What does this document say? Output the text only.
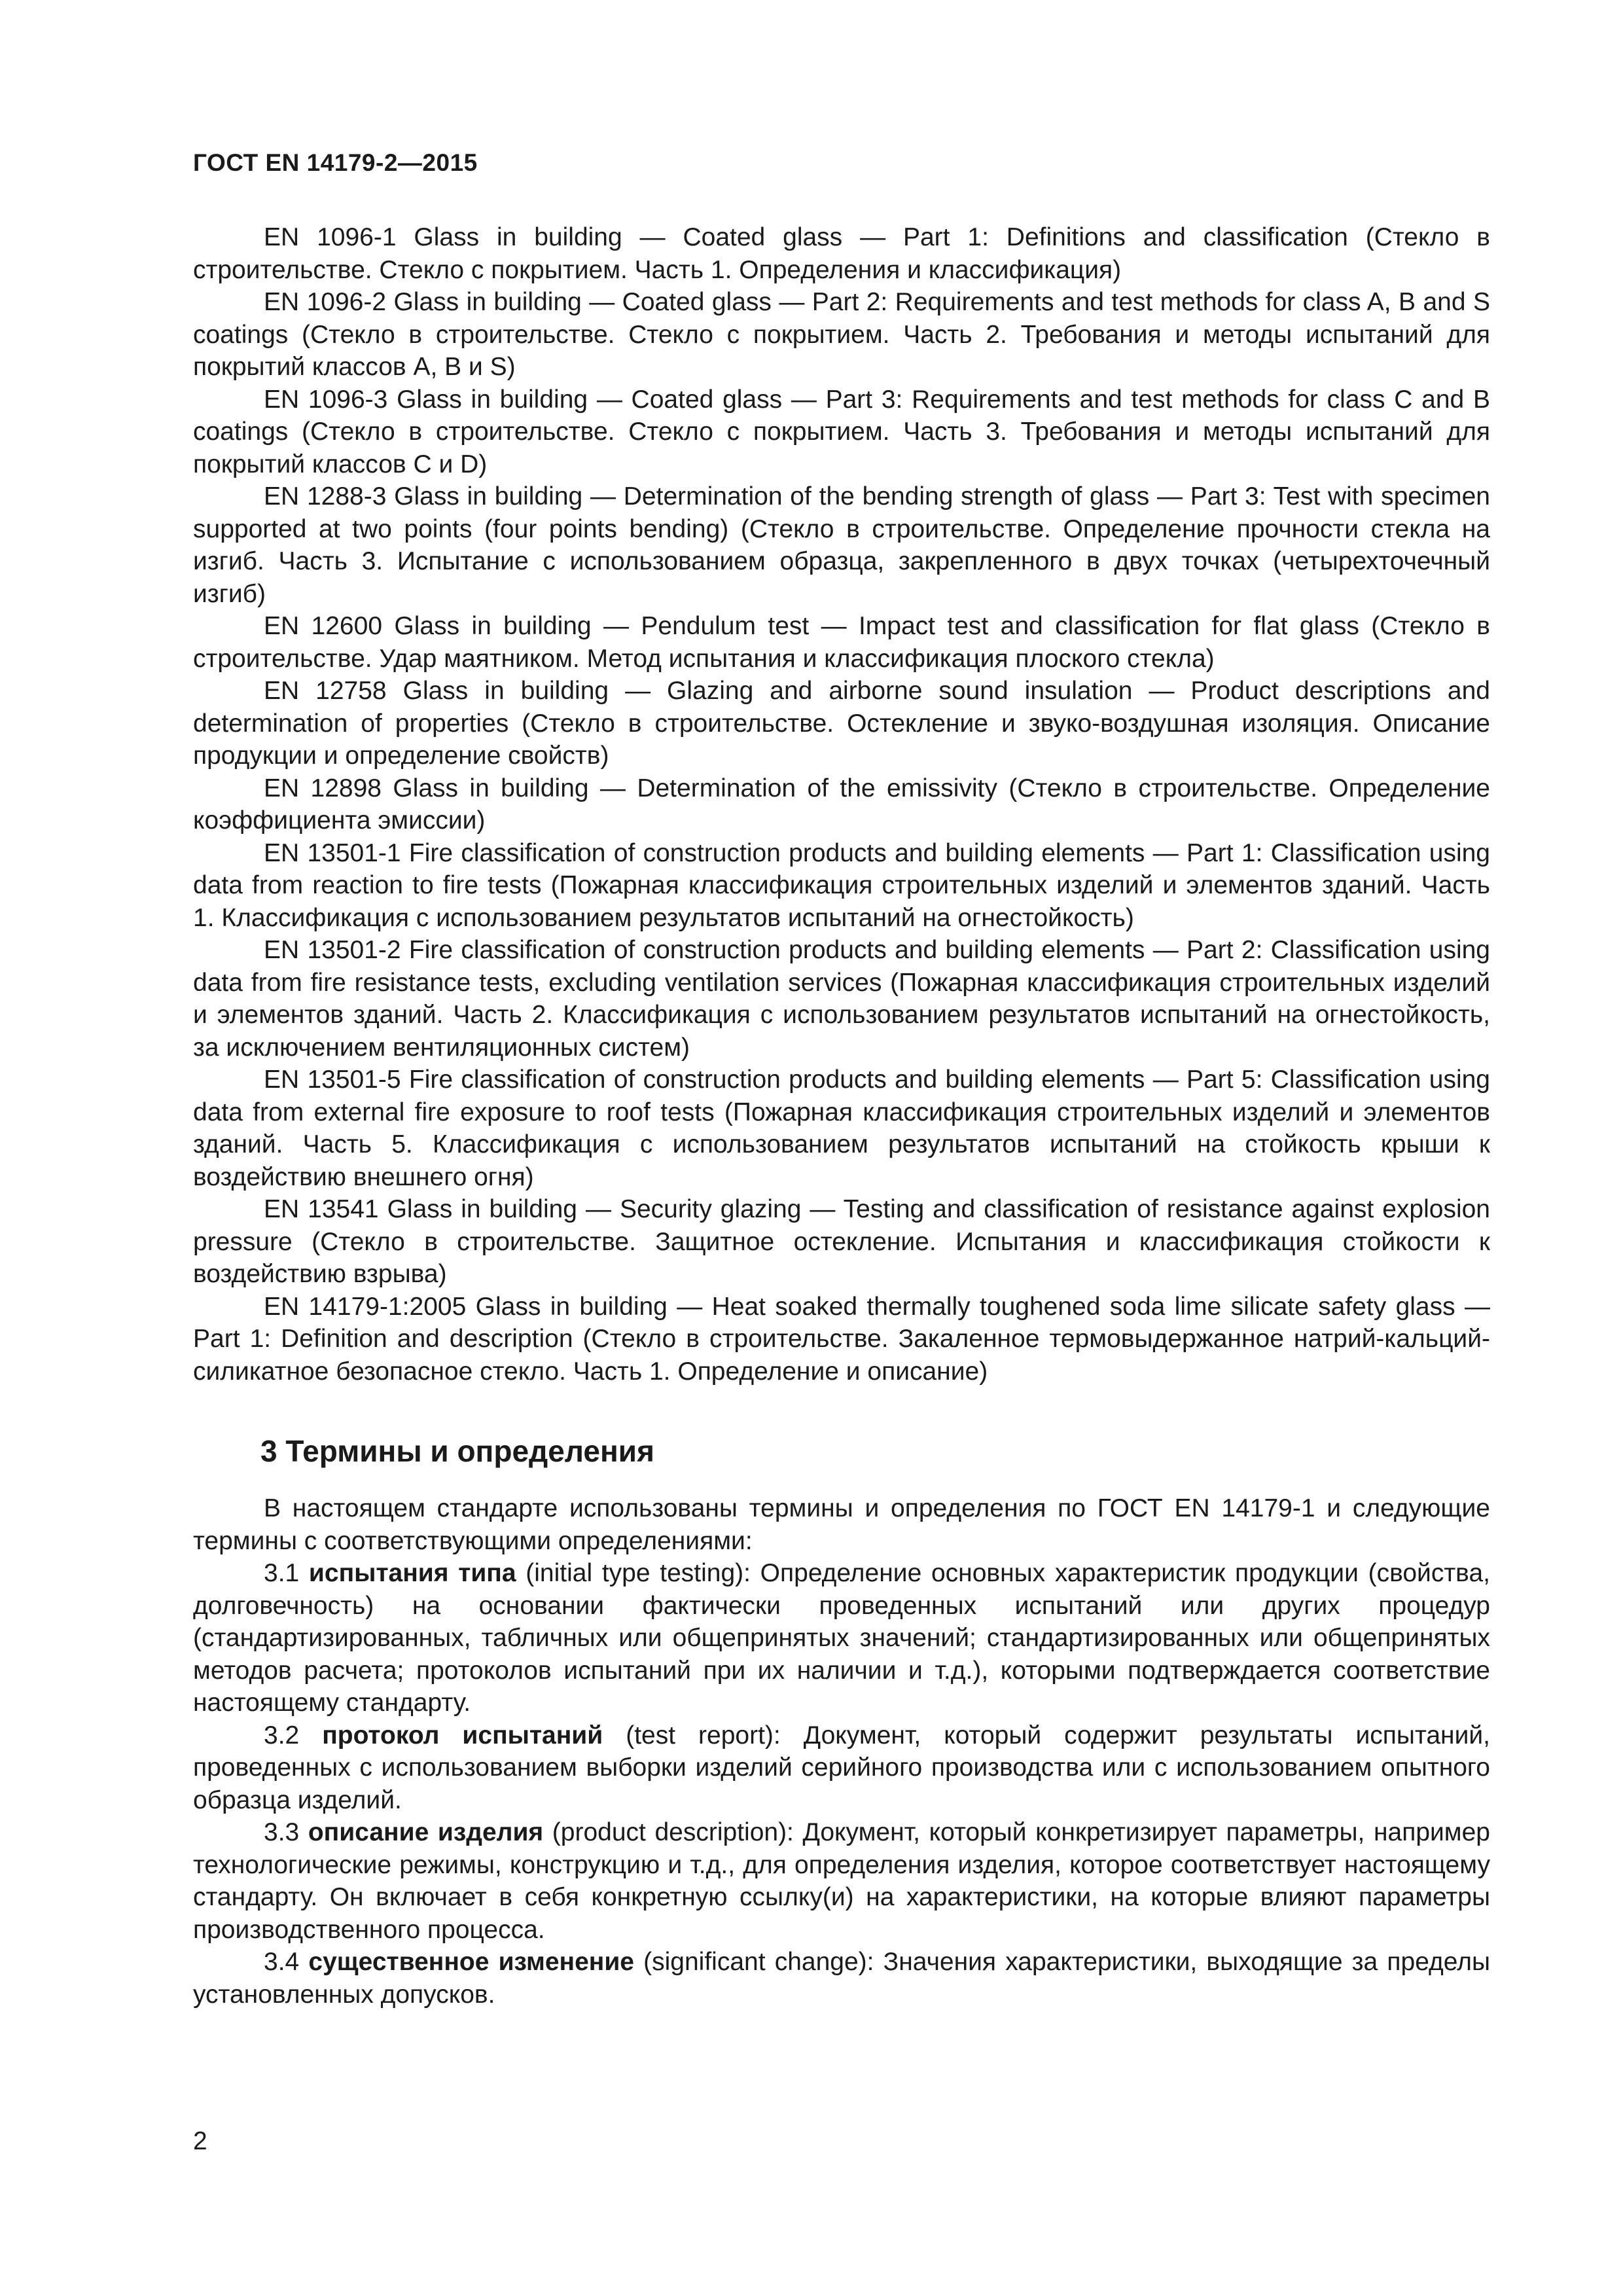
ГОСТ EN 14179-2—2015

EN 1096-1 Glass in building — Coated glass — Part 1: Definitions and classification (Стекло в строительстве. Стекло с покрытием. Часть 1. Определения и классификация)

EN 1096-2 Glass in building — Coated glass — Part 2: Requirements and test methods for class A, B and S coatings (Стекло в строительстве. Стекло с покрытием. Часть 2. Требования и методы испытаний для покрытий классов А, В и S)

EN 1096-3 Glass in building — Coated glass — Part 3: Requirements and test methods for class C and B coatings (Стекло в строительстве. Стекло с покрытием. Часть 3. Требования и методы испытаний для покрытий классов С и D)

EN 1288-3 Glass in building — Determination of the bending strength of glass — Part 3: Test with specimen supported at two points (four points bending) (Стекло в строительстве. Определение прочности стекла на изгиб. Часть 3. Испытание с использованием образца, закрепленного в двух точках (четырехточечный изгиб)

EN 12600 Glass in building — Pendulum test — Impact test and classification for flat glass (Стекло в строительстве. Удар маятником. Метод испытания и классификация плоского стекла)

EN 12758 Glass in building — Glazing and airborne sound insulation — Product descriptions and determination of properties (Стекло в строительстве. Остекление и звуко-воздушная изоляция. Описание продукции и определение свойств)

EN 12898 Glass in building — Determination of the emissivity (Стекло в строительстве. Определение коэффициента эмиссии)

EN 13501-1 Fire classification of construction products and building elements — Part 1: Classification using data from reaction to fire tests (Пожарная классификация строительных изделий и элементов зданий. Часть 1. Классификация с использованием результатов испытаний на огнестойкость)

EN 13501-2 Fire classification of construction products and building elements — Part 2: Classification using data from fire resistance tests, excluding ventilation services (Пожарная классификация строительных изделий и элементов зданий. Часть 2. Классификация с использованием результатов испытаний на огнестойкость, за исключением вентиляционных систем)

EN 13501-5 Fire classification of construction products and building elements — Part 5: Classification using data from external fire exposure to roof tests (Пожарная классификация строительных изделий и элементов зданий. Часть 5. Классификация с использованием результатов испытаний на стойкость крыши к воздействию внешнего огня)

EN 13541 Glass in building — Security glazing — Testing and classification of resistance against explosion pressure (Стекло в строительстве. Защитное остекление. Испытания и классификация стойкости к воздействию взрыва)

EN 14179-1:2005 Glass in building — Heat soaked thermally toughened soda lime silicate safety glass — Part 1: Definition and description (Стекло в строительстве. Закаленное термовыдержанное натрий-кальций-силикатное безопасное стекло. Часть 1. Определение и описание)

3 Термины и определения

В настоящем стандарте использованы термины и определения по ГОСТ EN 14179-1 и следующие термины с соответствующими определениями:

3.1 испытания типа (initial type testing): Определение основных характеристик продукции (свойства, долговечность) на основании фактически проведенных испытаний или других процедур (стандартизированных, табличных или общепринятых значений; стандартизированных или общепринятых методов расчета; протоколов испытаний при их наличии и т.д.), которыми подтверждается соответствие настоящему стандарту.

3.2 протокол испытаний (test report): Документ, который содержит результаты испытаний, проведенных с использованием выборки изделий серийного производства или с использованием опытного образца изделий.

3.3 описание изделия (product description): Документ, который конкретизирует параметры, например технологические режимы, конструкцию и т.д., для определения изделия, которое соответствует настоящему стандарту. Он включает в себя конкретную ссылку(и) на характеристики, на которые влияют параметры производственного процесса.

3.4 существенное изменение (significant change): Значения характеристики, выходящие за пределы установленных допусков.

2
